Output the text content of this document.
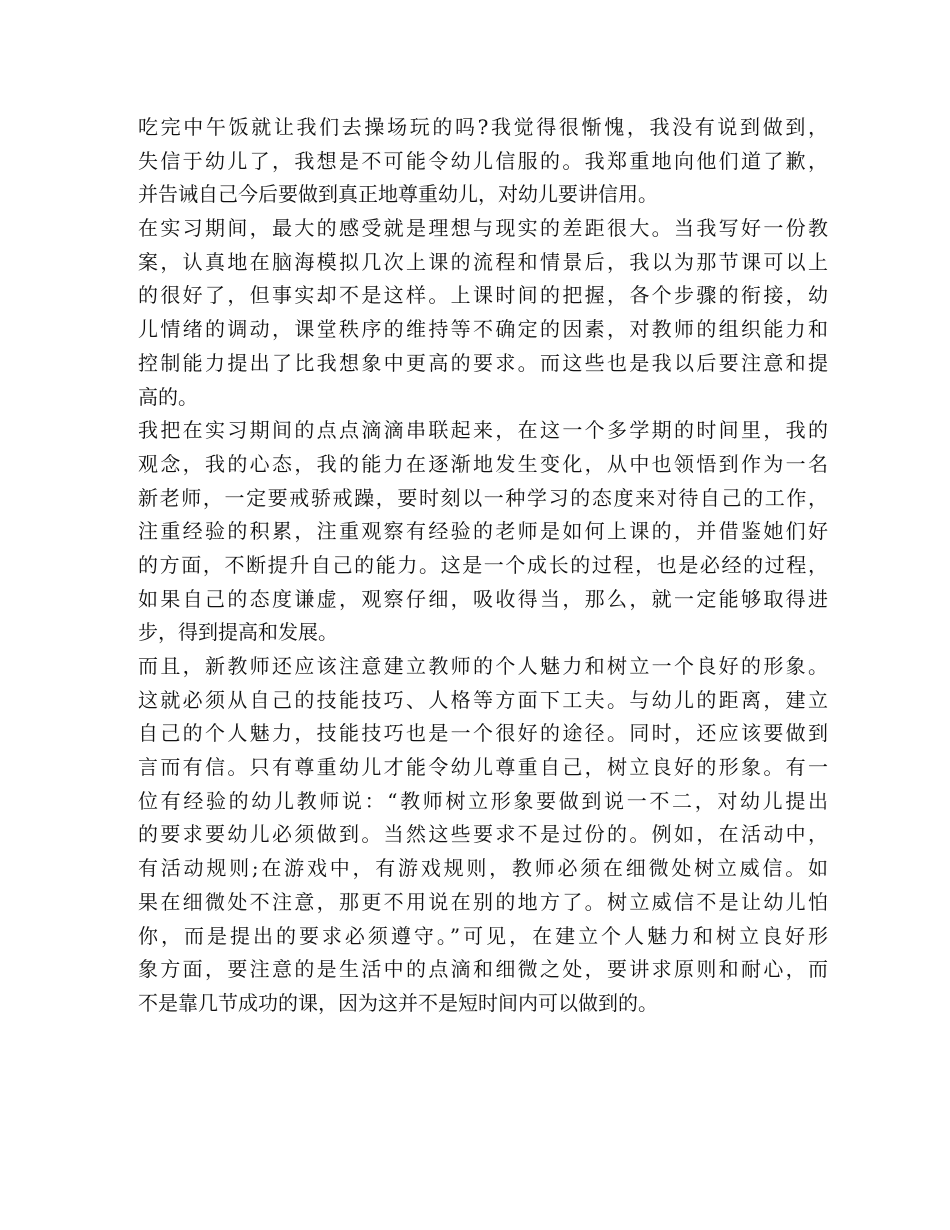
吃完中午饭就让我们去操场玩的吗?我觉得很惭愧，我没有说到做到，
失信于幼儿了，我想是不可能令幼儿信服的。我郑重地向他们道了歉，
并告诫自己今后要做到真正地尊重幼儿，对幼儿要讲信用。
在实习期间，最大的感受就是理想与现实的差距很大。当我写好一份教
案，认真地在脑海模拟几次上课的流程和情景后，我以为那节课可以上
的很好了，但事实却不是这样。上课时间的把握，各个步骤的衔接，幼
儿情绪的调动，课堂秩序的维持等不确定的因素，对教师的组织能力和
控制能力提出了比我想象中更高的要求。而这些也是我以后要注意和提
高的。
我把在实习期间的点点滴滴串联起来，在这一个多学期的时间里，我的
观念，我的心态，我的能力在逐渐地发生变化，从中也领悟到作为一名
新老师，一定要戒骄戒躁，要时刻以一种学习的态度来对待自己的工作，
注重经验的积累，注重观察有经验的老师是如何上课的，并借鉴她们好
的方面，不断提升自己的能力。这是一个成长的过程，也是必经的过程，
如果自己的态度谦虚，观察仔细，吸收得当，那么，就一定能够取得进
步，得到提高和发展。
而且，新教师还应该注意建立教师的个人魅力和树立一个良好的形象。
这就必须从自己的技能技巧、人格等方面下工夫。与幼儿的距离，建立
自己的个人魅力，技能技巧也是一个很好的途径。同时，还应该要做到
言而有信。只有尊重幼儿才能令幼儿尊重自己，树立良好的形象。有一
位有经验的幼儿教师说：“教师树立形象要做到说一不二，对幼儿提出
的要求要幼儿必须做到。当然这些要求不是过份的。例如，在活动中，
有活动规则;在游戏中，有游戏规则，教师必须在细微处树立威信。如
果在细微处不注意，那更不用说在别的地方了。树立威信不是让幼儿怕
你，而是提出的要求必须遵守。”可见，在建立个人魅力和树立良好形
象方面，要注意的是生活中的点滴和细微之处，要讲求原则和耐心，而
不是靠几节成功的课，因为这并不是短时间内可以做到的。
